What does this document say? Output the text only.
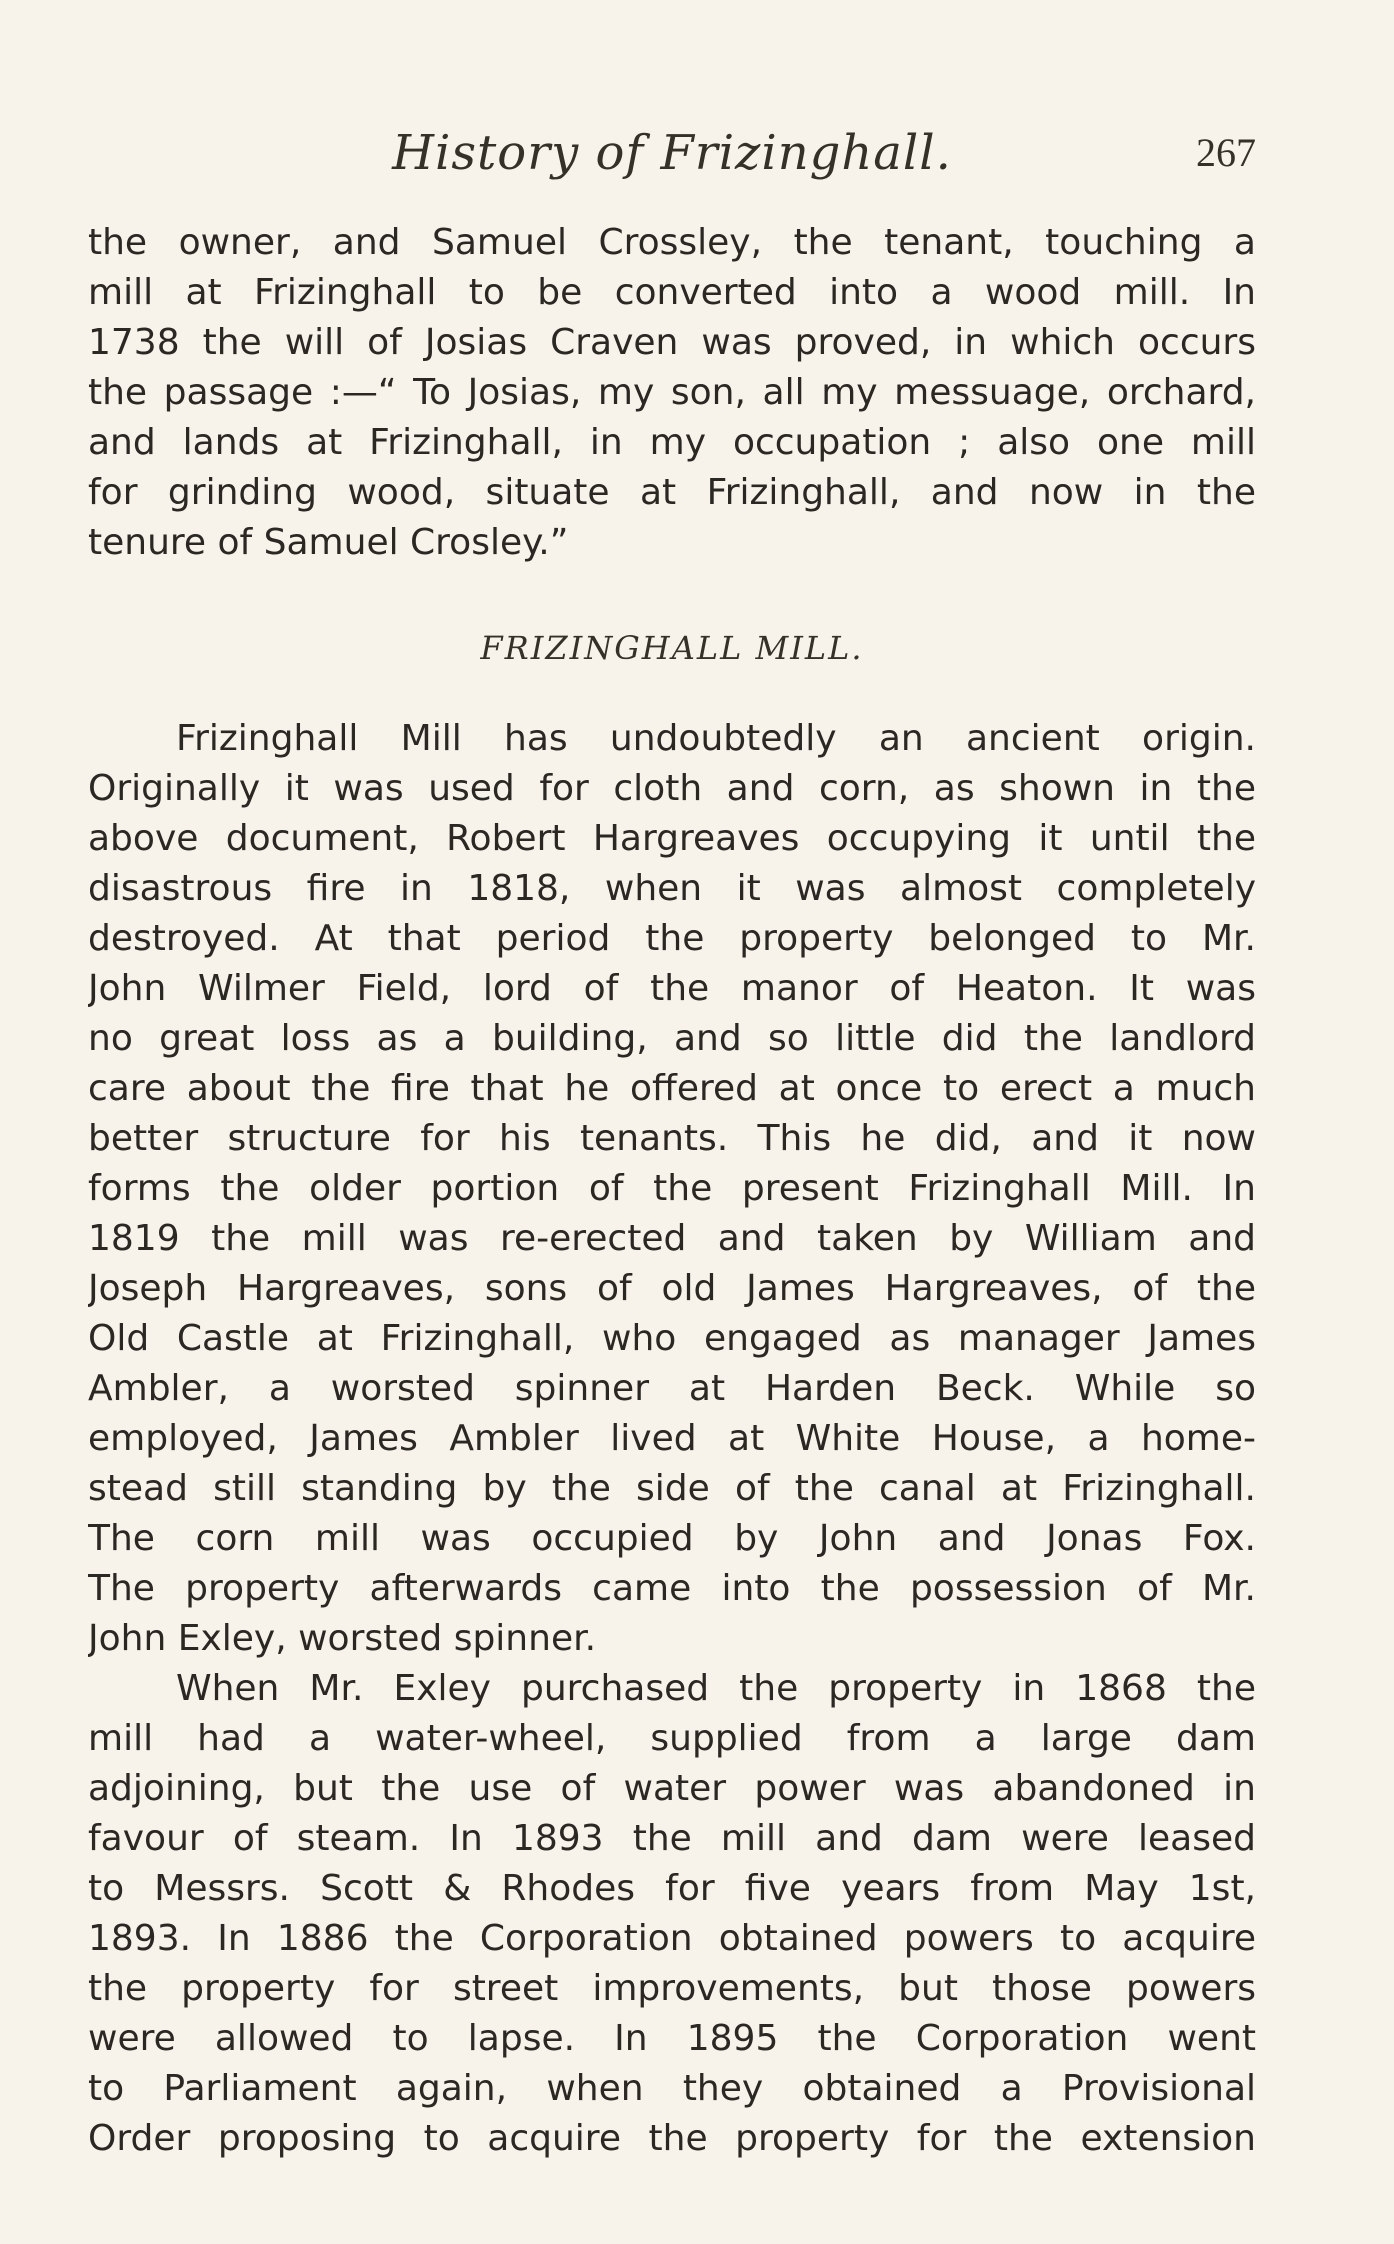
History of Frizinghall.	267
the owner, and Samuel Crossley, the tenant, touching a
mill at Frizinghall to be converted into a wood mill. In
1738 the will of Josias Craven was proved, in which occurs
the passage :—“ To Josias, my son, all my messuage, orchard,
and lands at Frizinghall, in my occupation ; also one mill
for grinding wood, situate at Frizinghall, and now in the
tenure of Samuel Crosley.”
FRIZINGHALL MILL.
Frizinghall Mill has undoubtedly an ancient origin.
Originally it was used for cloth and corn, as shown in the
above document, Robert Hargreaves occupying it until the
disastrous fire in 1818, when it was almost completely
destroyed. At that period the property belonged to Mr.
John Wilmer Field, lord of the manor of Heaton. It was
no great loss as a building, and so little did the landlord
care about the fire that he offered at once to erect a much
better structure for his tenants. This he did, and it now
forms the older portion of the present Frizinghall Mill. In
1819 the mill was re-erected and taken by William and
Joseph Hargreaves, sons of old James Hargreaves, of the
Old Castle at Frizinghall, who engaged as manager James
Ambler, a worsted spinner at Harden Beck. While so
employed, James Ambler lived at White House, a home-
stead still standing by the side of the canal at Frizinghall.
The corn mill was occupied by John and Jonas Fox.
The property afterwards came into the possession of Mr.
John Exley, worsted spinner.
When Mr. Exley purchased the property in 1868 the
mill had a water-wheel, supplied from a large dam
adjoining, but the use of water power was abandoned in
favour of steam. In 1893 the mill and dam were leased
to Messrs. Scott & Rhodes for five years from May 1st,
1893. In 1886 the Corporation obtained powers to acquire
the property for street improvements, but those powers
were allowed to lapse. In 1895 the Corporation went
to Parliament again, when they obtained a Provisional
Order proposing to acquire the property for the extension
